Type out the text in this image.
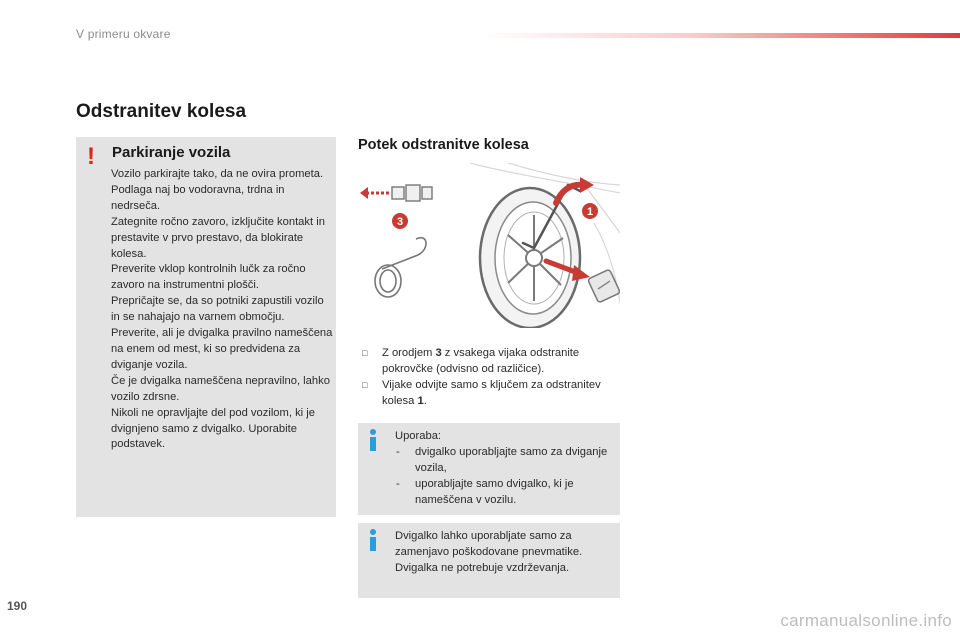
V primeru okvare
Odstranitev kolesa
! Parkiranje vozila

Vozilo parkirajte tako, da ne ovira prometa. Podlaga naj bo vodoravna, trdna in nedrseča.

Zategnite ročno zavoro, izključite kontakt in prestavite v prvo prestavo, da blokirate kolesa.

Preverite vklop kontrolnih lučk za ročno zavoro na instrumentni plošči.

Prepričajte se, da so potniki zapustili vozilo in se nahajajo na varnem območju.

Preverite, ali je dvigalka pravilno nameščena na enem od mest, ki so predvidena za dviganje vozila.

Če je dvigalka nameščena nepravilno, lahko vozilo zdrsne.

Nikoli ne opravljajte del pod vozilom, ki je dvignjeno samo z dvigalko. Uporabite podstavek.

Potek odstranitve kolesa
1
3
□ Z orodjem 3 z vsakega vijaka odstranite pokrovčke (odvisno od različice).
□ Vijake odvijte samo s ključem za odstranitev kolesa 1.
Uporaba:
- dvigalko uporabljajte samo za dviganje vozila,
- uporabljajte samo dvigalko, ki je nameščena v vozilu.
Dvigalko lahko uporabljate samo za zamenjavo poškodovane pnevmatike. Dvigalka ne potrebuje vzdrževanja.
190
carmanualsonline.info
